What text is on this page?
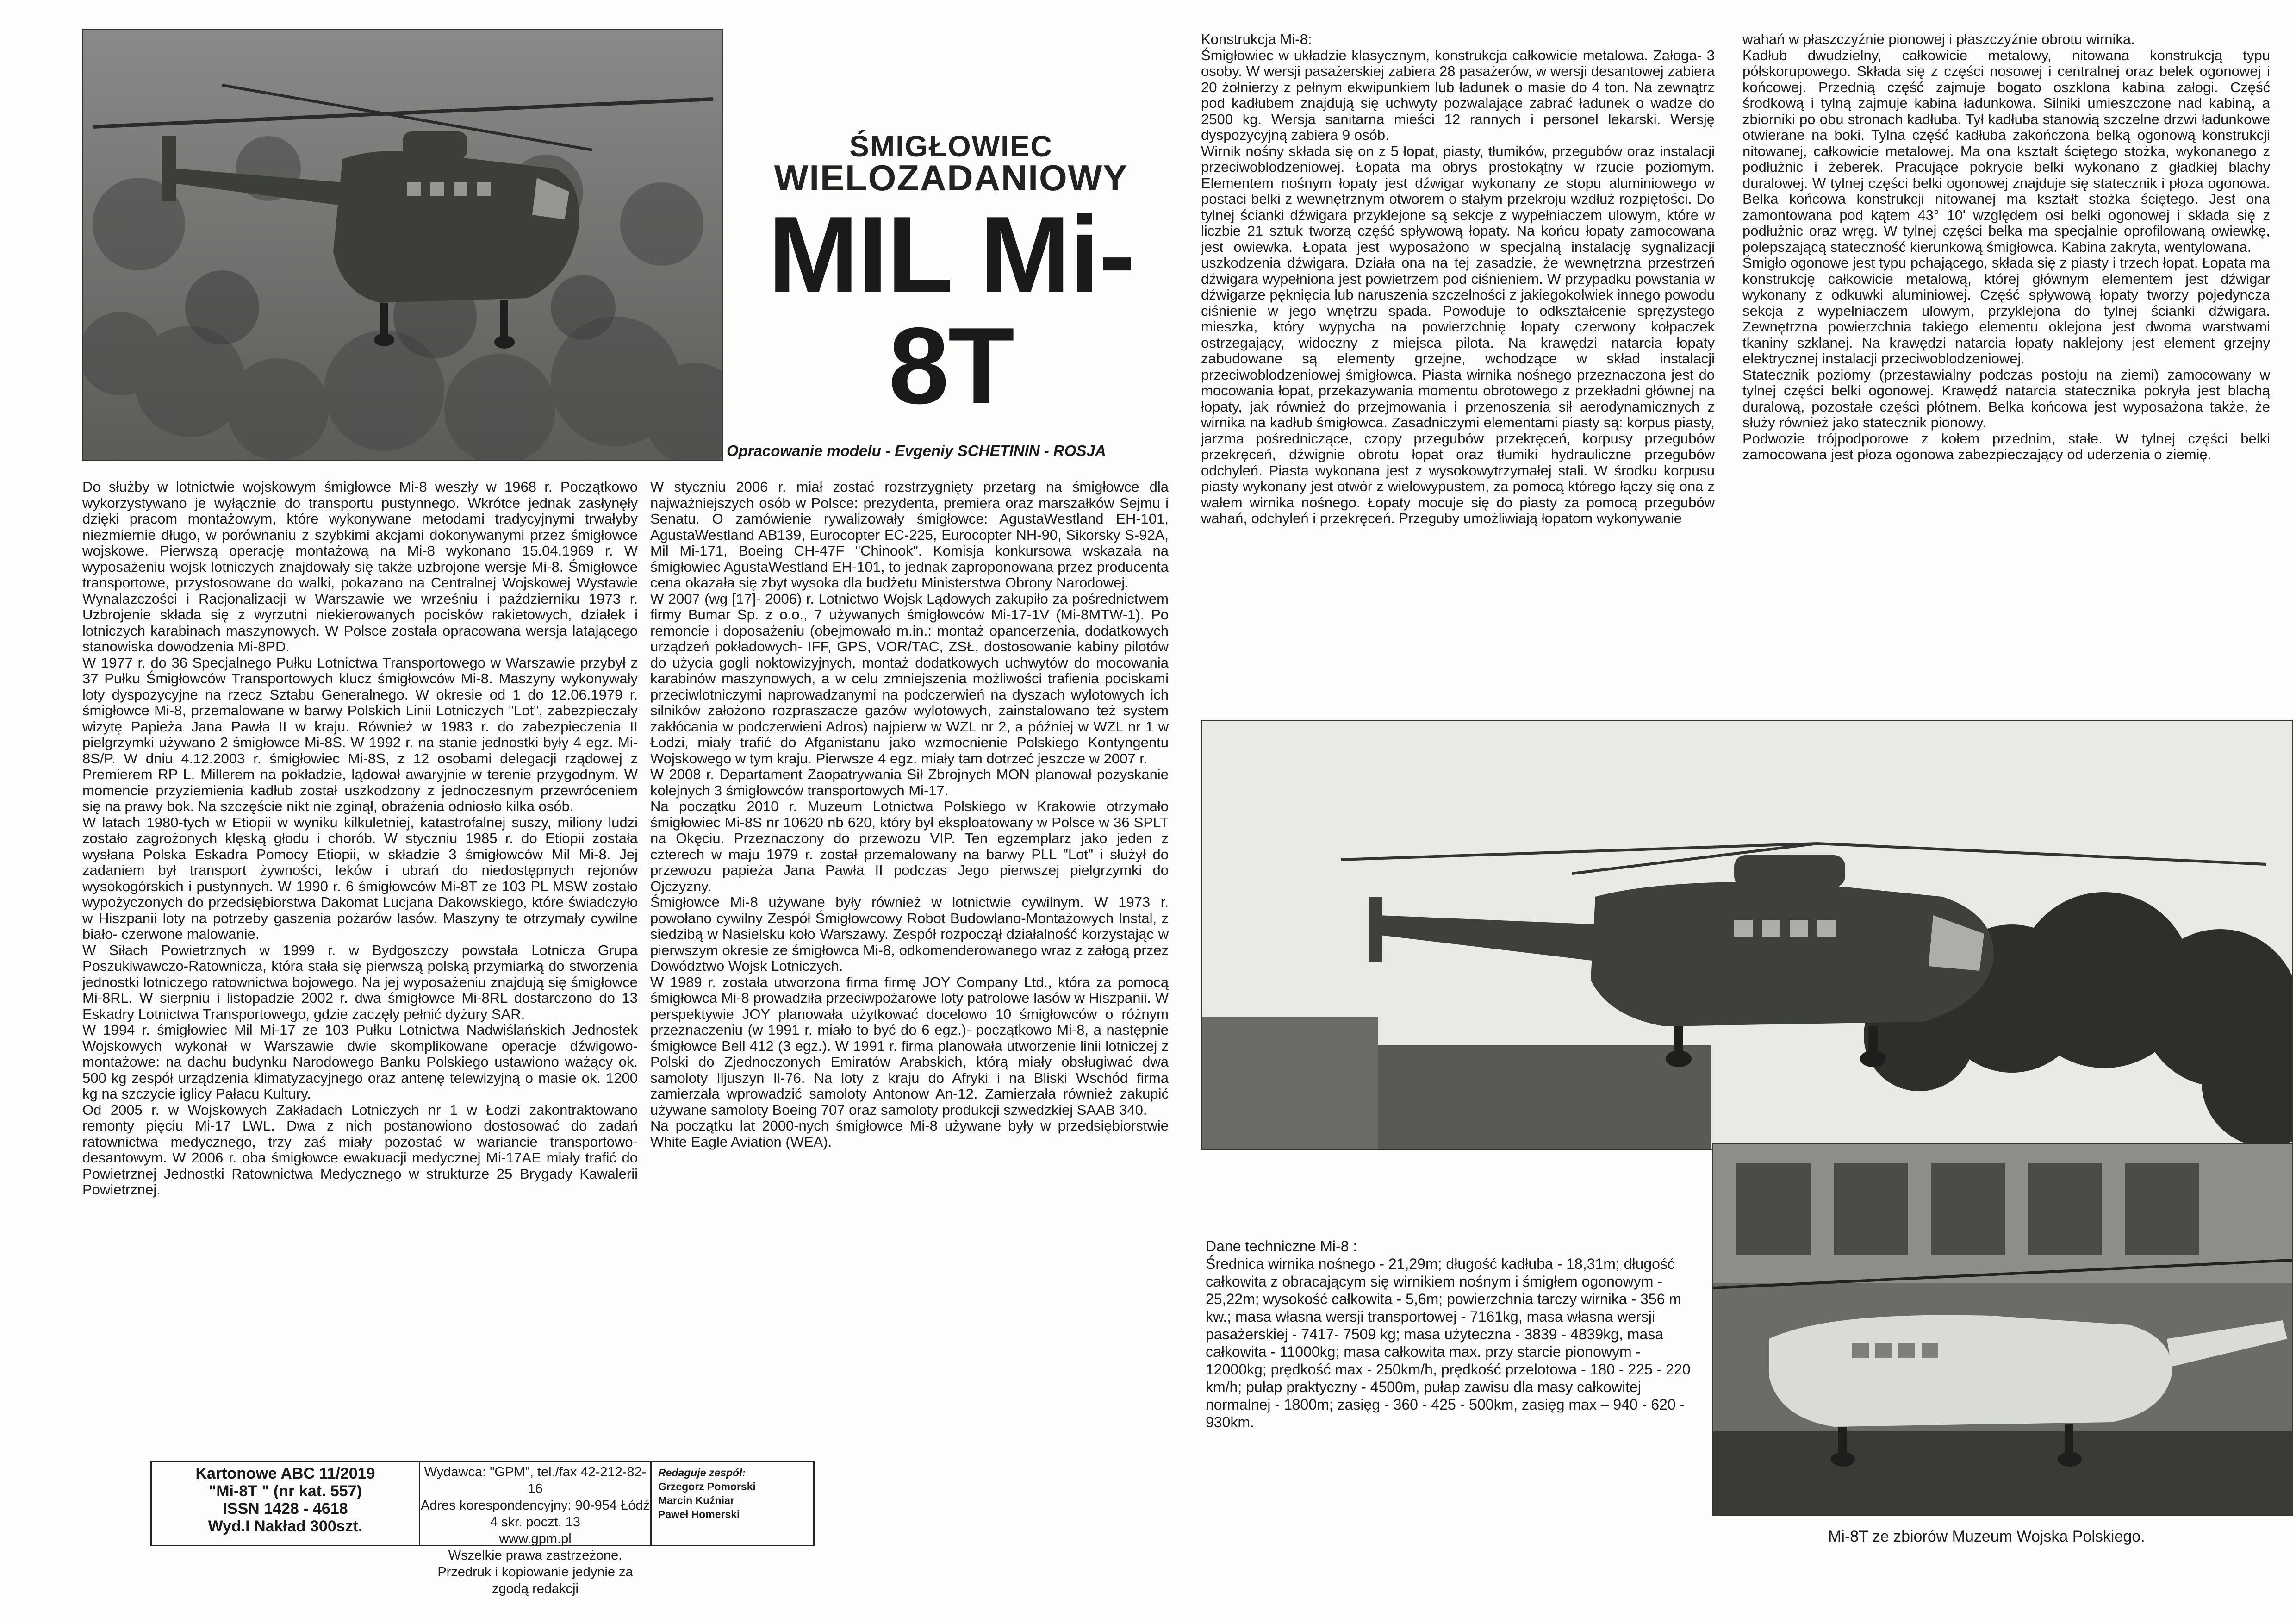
ŚMIGŁOWIEC
WIELOZADANIOWY
MIL Mi-8T
Opracowanie modelu - Evgeniy SCHETININ - ROSJA

Do służby w lotnictwie wojskowym śmigłowce Mi-8 weszły w 1968 r. Początkowo wykorzystywano je wyłącznie do transportu pustynnego. Wkrótce jednak zasłynęły dzięki pracom montażowym, które wykonywane metodami tradycyjnymi trwałyby niezmiernie długo, w porównaniu z szybkimi akcjami dokonywanymi przez śmigłowce wojskowe. Pierwszą operację montażową na Mi-8 wykonano 15.04.1969 r. W wyposażeniu wojsk lotniczych znajdowały się także uzbrojone wersje Mi-8. Śmigłowce transportowe, przystosowane do walki, pokazano na Centralnej Wojskowej Wystawie Wynalazczości i Racjonalizacji w Warszawie we wrześniu i październiku 1973 r. Uzbrojenie składa się z wyrzutni niekierowanych pocisków rakietowych, działek i lotniczych karabinach maszynowych. W Polsce została opracowana wersja latającego stanowiska dowodzenia Mi-8PD.

W 1977 r. do 36 Specjalnego Pułku Lotnictwa Transportowego w Warszawie przybył z 37 Pułku Śmigłowców Transportowych klucz śmigłowców Mi-8. Maszyny wykonywały loty dyspozycyjne na rzecz Sztabu Generalnego. W okresie od 1 do 12.06.1979 r. śmigłowce Mi-8, przemalowane w barwy Polskich Linii Lotniczych "Lot", zabezpieczały wizytę Papieża Jana Pawła II w kraju. Również w 1983 r. do zabezpieczenia II pielgrzymki używano 2 śmigłowce Mi-8S. W 1992 r. na stanie jednostki były 4 egz. Mi-8S/P. W dniu 4.12.2003 r. śmigłowiec Mi-8S, z 12 osobami delegacji rządowej z Premierem RP L. Millerem na pokładzie, lądował awaryjnie w terenie przygodnym. W momencie przyziemienia kadłub został uszkodzony z jednoczesnym przewróceniem się na prawy bok. Na szczęście nikt nie zginął, obrażenia odniosło kilka osób.

W latach 1980-tych w Etiopii w wyniku kilkuletniej, katastrofalnej suszy, miliony ludzi zostało zagrożonych klęską głodu i chorób. W styczniu 1985 r. do Etiopii została wysłana Polska Eskadra Pomocy Etiopii, w składzie 3 śmigłowców Mil Mi-8. Jej zadaniem był transport żywności, leków i ubrań do niedostępnych rejonów wysokogórskich i pustynnych. W 1990 r. 6 śmigłowców Mi-8T ze 103 PL MSW zostało wypożyczonych do przedsiębiorstwa Dakomat Lucjana Dakowskiego, które świadczyło w Hiszpanii loty na potrzeby gaszenia pożarów lasów. Maszyny te otrzymały cywilne biało- czerwone malowanie.

W Siłach Powietrznych w 1999 r. w Bydgoszczy powstała Lotnicza Grupa Poszukiwawczo-Ratownicza, która stała się pierwszą polską przymiarką do stworzenia jednostki lotniczego ratownictwa bojowego. Na jej wyposażeniu znajdują się śmigłowce Mi-8RL. W sierpniu i listopadzie 2002 r. dwa śmigłowce Mi-8RL dostarczono do 13 Eskadry Lotnictwa Transportowego, gdzie zaczęły pełnić dyżury SAR.

W 1994 r. śmigłowiec Mil Mi-17 ze 103 Pułku Lotnictwa Nadwiślańskich Jednostek Wojskowych wykonał w Warszawie dwie skomplikowane operacje dźwigowo-montażowe: na dachu budynku Narodowego Banku Polskiego ustawiono ważący ok. 500 kg zespół urządzenia klimatyzacyjnego oraz antenę telewizyjną o masie ok. 1200 kg na szczycie iglicy Pałacu Kultury.

Od 2005 r. w Wojskowych Zakładach Lotniczych nr 1 w Łodzi zakontraktowano remonty pięciu Mi-17 LWL. Dwa z nich postanowiono dostosować do zadań ratownictwa medycznego, trzy zaś miały pozostać w wariancie transportowo-desantowym. W 2006 r. oba śmigłowce ewakuacji medycznej Mi-17AE miały trafić do Powietrznej Jednostki Ratownictwa Medycznego w strukturze 25 Brygady Kawalerii Powietrznej.

W styczniu 2006 r. miał zostać rozstrzygnięty przetarg na śmigłowce dla najważniejszych osób w Polsce: prezydenta, premiera oraz marszałków Sejmu i Senatu. O zamówienie rywalizowały śmigłowce: AgustaWestland EH-101, AgustaWestland AB139, Eurocopter EC-225, Eurocopter NH-90, Sikorsky S-92A, Mil Mi-171, Boeing CH-47F "Chinook". Komisja konkursowa wskazała na śmigłowiec AgustaWestland EH-101, to jednak zaproponowana przez producenta cena okazała się zbyt wysoka dla budżetu Ministerstwa Obrony Narodowej.

W 2007 (wg [17]- 2006) r. Lotnictwo Wojsk Lądowych zakupiło za pośrednictwem firmy Bumar Sp. z o.o., 7 używanych śmigłowców Mi-17-1V (Mi-8MTW-1). Po remoncie i doposażeniu (obejmowało m.in.: montaż opancerzenia, dodatkowych urządzeń pokładowych- IFF, GPS, VOR/TAC, ZSŁ, dostosowanie kabiny pilotów do użycia gogli noktowizyjnych, montaż dodatkowych uchwytów do mocowania karabinów maszynowych, a w celu zmniejszenia możliwości trafienia pociskami przeciwlotniczymi naprowadzanymi na podczerwień na dyszach wylotowych ich silników założono rozpraszacze gazów wylotowych, zainstalowano też system zakłócania w podczerwieni Adros) najpierw w WZL nr 2, a później w WZL nr 1 w Łodzi, miały trafić do Afganistanu jako wzmocnienie Polskiego Kontyngentu Wojskowego w tym kraju. Pierwsze 4 egz. miały tam dotrzeć jeszcze w 2007 r.

W 2008 r. Departament Zaopatrywania Sił Zbrojnych MON planował pozyskanie kolejnych 3 śmigłowców transportowych Mi-17.

Na początku 2010 r. Muzeum Lotnictwa Polskiego w Krakowie otrzymało śmigłowiec Mi-8S nr 10620 nb 620, który był eksploatowany w Polsce w 36 SPLT na Okęciu. Przeznaczony do przewozu VIP. Ten egzemplarz jako jeden z czterech w maju 1979 r. został przemalowany na barwy PLL "Lot" i służył do przewozu papieża Jana Pawła II podczas Jego pierwszej pielgrzymki do Ojczyzny.

Śmigłowce Mi-8 używane były również w lotnictwie cywilnym. W 1973 r. powołano cywilny Zespół Śmigłowcowy Robot Budowlano-Montażowych Instal, z siedzibą w Nasielsku koło Warszawy. Zespół rozpoczął działalność korzystając w pierwszym okresie ze śmigłowca Mi-8, odkomenderowanego wraz z załogą przez Dowództwo Wojsk Lotniczych.

W 1989 r. została utworzona firma firmę JOY Company Ltd., która za pomocą śmigłowca Mi-8 prowadziła przeciwpożarowe loty patrolowe lasów w Hiszpanii. W perspektywie JOY planowała użytkować docelowo 10 śmigłowców o różnym przeznaczeniu (w 1991 r. miało to być do 6 egz.)- początkowo Mi-8, a następnie śmigłowce Bell 412 (3 egz.). W 1991 r. firma planowała utworzenie linii lotniczej z Polski do Zjednoczonych Emiratów Arabskich, którą miały obsługiwać dwa samoloty Iljuszyn Il-76. Na loty z kraju do Afryki i na Bliski Wschód firma zamierzała wprowadzić samoloty Antonow An-12. Zamierzała również zakupić używane samoloty Boeing 707 oraz samoloty produkcji szwedzkiej SAAB 340.

Na początku lat 2000-nych śmigłowce Mi-8 używane były w przedsiębiorstwie White Eagle Aviation (WEA).

Konstrukcja Mi-8:

Śmigłowiec w układzie klasycznym, konstrukcja całkowicie metalowa. Załoga- 3 osoby. W wersji pasażerskiej zabiera 28 pasażerów, w wersji desantowej zabiera 20 żołnierzy z pełnym ekwipunkiem lub ładunek o masie do 4 ton. Na zewnątrz pod kadłubem znajdują się uchwyty pozwalające zabrać ładunek o wadze do 2500 kg. Wersja sanitarna mieści 12 rannych i personel lekarski. Wersję dyspozycyjną zabiera 9 osób.

Wirnik nośny składa się on z 5 łopat, piasty, tłumików, przegubów oraz instalacji przeciwoblodzeniowej. Łopata ma obrys prostokątny w rzucie poziomym. Elementem nośnym łopaty jest dźwigar wykonany ze stopu aluminiowego w postaci belki z wewnętrznym otworem o stałym przekroju wzdłuż rozpiętości. Do tylnej ścianki dźwigara przyklejone są sekcje z wypełniaczem ulowym, które w liczbie 21 sztuk tworzą część spływową łopaty. Na końcu łopaty zamocowana jest owiewka. Łopata jest wyposażono w specjalną instalację sygnalizacji uszkodzenia dźwigara. Działa ona na tej zasadzie, że wewnętrzna przestrzeń dźwigara wypełniona jest powietrzem pod ciśnieniem. W przypadku powstania w dźwigarze pęknięcia lub naruszenia szczelności z jakiegokolwiek innego powodu ciśnienie w jego wnętrzu spada. Powoduje to odkształcenie sprężystego mieszka, który wypycha na powierzchnię łopaty czerwony kołpaczek ostrzegający, widoczny z miejsca pilota. Na krawędzi natarcia łopaty zabudowane są elementy grzejne, wchodzące w skład instalacji przeciwoblodzeniowej śmigłowca. Piasta wirnika nośnego przeznaczona jest do mocowania łopat, przekazywania momentu obrotowego z przekładni głównej na łopaty, jak również do przejmowania i przenoszenia sił aerodynamicznych z wirnika na kadłub śmigłowca. Zasadniczymi elementami piasty są: korpus piasty, jarzma pośredniczące, czopy przegubów przekręceń, korpusy przegubów przekręceń, dźwignie obrotu łopat oraz tłumiki hydrauliczne przegubów odchyleń. Piasta wykonana jest z wysokowytrzymałej stali. W środku korpusu piasty wykonany jest otwór z wielowypustem, za pomocą którego łączy się ona z wałem wirnika nośnego. Łopaty mocuje się do piasty za pomocą przegubów wahań, odchyleń i przekręceń. Przeguby umożliwiają łopatom wykonywanie

wahań w płaszczyźnie pionowej i płaszczyźnie obrotu wirnika.

Kadłub dwudzielny, całkowicie metalowy, nitowana konstrukcją typu półskorupowego. Składa się z części nosowej i centralnej oraz belek ogonowej i końcowej. Przednią część zajmuje bogato oszklona kabina załogi. Część środkową i tylną zajmuje kabina ładunkowa. Silniki umieszczone nad kabiną, a zbiorniki po obu stronach kadłuba. Tył kadłuba stanowią szczelne drzwi ładunkowe otwierane na boki. Tylna część kadłuba zakończona belką ogonową konstrukcji nitowanej, całkowicie metalowej. Ma ona kształt ściętego stożka, wykonanego z podłużnic i żeberek. Pracujące pokrycie belki wykonano z gładkiej blachy duralowej. W tylnej części belki ogonowej znajduje się statecznik i płoza ogonowa. Belka końcowa konstrukcji nitowanej ma kształt stożka ściętego. Jest ona zamontowana pod kątem 43° 10' względem osi belki ogonowej i składa się z podłużnic oraz wręg. W tylnej części belka ma specjalnie oprofilowaną owiewkę, polepszającą stateczność kierunkową śmigłowca. Kabina zakryta, wentylowana.

Śmigło ogonowe jest typu pchającego, składa się z piasty i trzech łopat. Łopata ma konstrukcję całkowicie metalową, której głównym elementem jest dźwigar wykonany z odkuwki aluminiowej. Część spływową łopaty tworzy pojedyncza sekcja z wypełniaczem ulowym, przyklejona do tylnej ścianki dźwigara. Zewnętrzna powierzchnia takiego elementu oklejona jest dwoma warstwami tkaniny szklanej. Na krawędzi natarcia łopaty naklejony jest element grzejny elektrycznej instalacji przeciwoblodzeniowej.

Statecznik poziomy (przestawialny podczas postoju na ziemi) zamocowany w tylnej części belki ogonowej. Krawędź natarcia statecznika pokryła jest blachą duralową, pozostałe części płótnem. Belka końcowa jest wyposażona także, że służy również jako statecznik pionowy.

Podwozie trójpodporowe z kołem przednim, stałe. W tylnej części belki zamocowana jest płoza ogonowa zabezpieczający od uderzenia o ziemię.

Dane techniczne Mi-8 :

Średnica wirnika nośnego - 21,29m; długość kadłuba - 18,31m; długość całkowita z obracającym się wirnikiem nośnym i śmigłem ogonowym - 25,22m; wysokość całkowita - 5,6m; powierzchnia tarczy wirnika - 356 m kw.; masa własna wersji transportowej - 7161kg, masa własna wersji pasażerskiej - 7417- 7509 kg; masa użyteczna - 3839 - 4839kg, masa całkowita - 11000kg; masa całkowita max. przy starcie pionowym - 12000kg; prędkość max - 250km/h, prędkość przelotowa - 180 - 225 - 220 km/h; pułap praktyczny - 4500m, pułap zawisu dla masy całkowitej normalnej - 1800m; zasięg - 360 - 425 - 500km, zasięg max – 940 - 620 - 930km.

Mi-8T ze zbiorów Muzeum Wojska Polskiego.
Kartonowe ABC 11/2019
"Mi-8T " (nr kat. 557)
ISSN 1428 - 4618
Wyd.I Nakład 300szt.
Wydawca: "GPM", tel./fax 42-212-82-16
Adres korespondencyjny: 90-954 Łódź 4 skr. poczt. 13
www.gpm.pl
Wszelkie prawa zastrzeżone.
Przedruk i kopiowanie jedynie za zgodą redakcji
Redaguje zespół:
Grzegorz Pomorski
Marcin Kuźniar
Paweł Homerski
